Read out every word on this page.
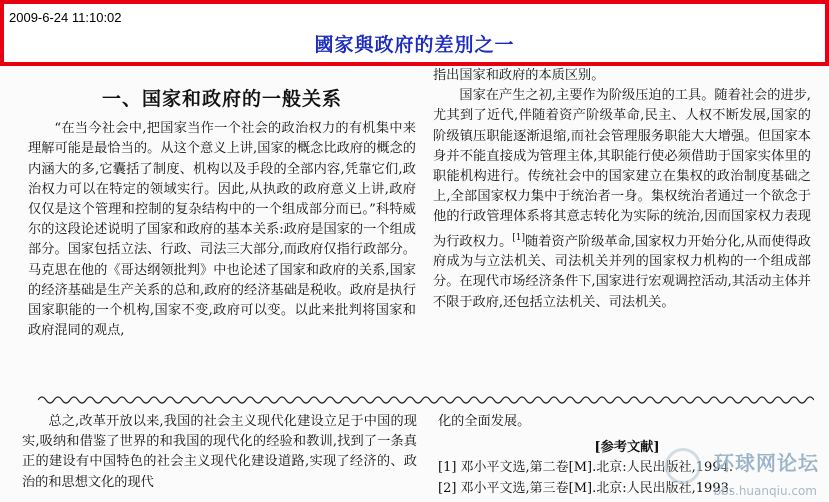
2009-6-24 11:10:02
國家與政府的差別之一
一、国家和政府的一般关系

“在当今社会中,把国家当作一个社会的政治权力的有机集中来理解可能是最恰当的。从这个意义上讲,国家的概念比政府的概念的内涵大的多,它囊括了制度、机构以及手段的全部内容,凭靠它们,政治权力可以在特定的领域实行。因此,从执政的政府意义上讲,政府仅仅是这个管理和控制的复杂结构中的一个组成部分而已。”科特威尔的这段论述说明了国家和政府的基本关系:政府是国家的一个组成部分。国家包括立法、行政、司法三大部分,而政府仅指行政部分。马克思在他的《哥达纲领批判》中也论述了国家和政府的关系,国家的经济基础是生产关系的总和,政府的经济基础是税收。政府是执行国家职能的一个机构,国家不变,政府可以变。以此来批判将国家和政府混同的观点,

指出国家和政府的本质区别。

国家在产生之初,主要作为阶级压迫的工具。随着社会的进步,尤其到了近代,伴随着资产阶级革命,民主、人权不断发展,国家的阶级镇压职能逐渐退缩,而社会管理服务职能大大增强。但国家本身并不能直接成为管理主体,其职能行使必须借助于国家实体里的职能机构进行。传统社会中的国家建立在集权的政治制度基础之上,全部国家权力集中于统治者一身。集权统治者通过一个欲念于他的行政管理体系将其意志转化为实际的统治,因而国家权力表现为行政权力。[1]随着资产阶级革命,国家权力开始分化,从而使得政府成为与立法机关、司法机关并列的国家权力机构的一个组成部分。在现代市场经济条件下,国家进行宏观调控活动,其活动主体并不限于政府,还包括立法机关、司法机关。

总之,改革开放以来,我国的社会主义现代化建设立足于中国的现实,吸纳和借鉴了世界的和我国的现代化的经验和教训,找到了一条真正的建设有中国特色的社会主义现代化建设道路,实现了经济的、政治的和思想文化的现代

化的全面发展。

[参考文献]
[1] 邓小平文选,第二卷[M].北京:人民出版社,1994.
[2] 邓小平文选,第三卷[M].北京:人民出版社,1993.
环球网论坛
bbs.huanqiu.com
